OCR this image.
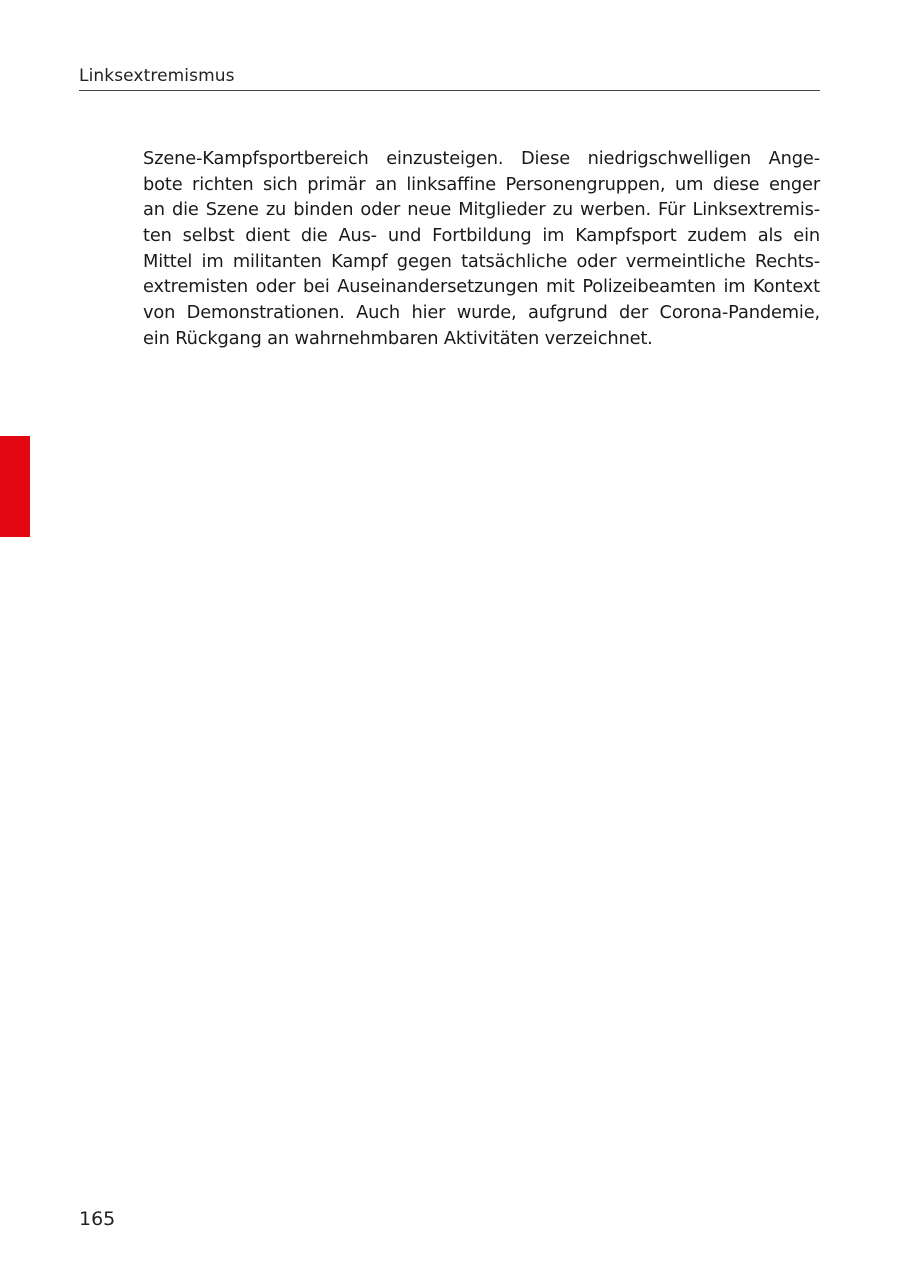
Linksextremismus
Szene-Kampfsportbereich einzusteigen. Diese niedrigschwelligen Ange-
bote richten sich primär an linksaffine Personengruppen, um diese enger
an die Szene zu binden oder neue Mitglieder zu werben. Für Linksextremis-
ten selbst dient die Aus- und Fortbildung im Kampfsport zudem als ein
Mittel im militanten Kampf gegen tatsächliche oder vermeintliche Rechts-
extremisten oder bei Auseinandersetzungen mit Polizeibeamten im Kontext
von Demonstrationen. Auch hier wurde, aufgrund der Corona-Pandemie,
ein Rückgang an wahrnehmbaren Aktivitäten verzeichnet.
165
